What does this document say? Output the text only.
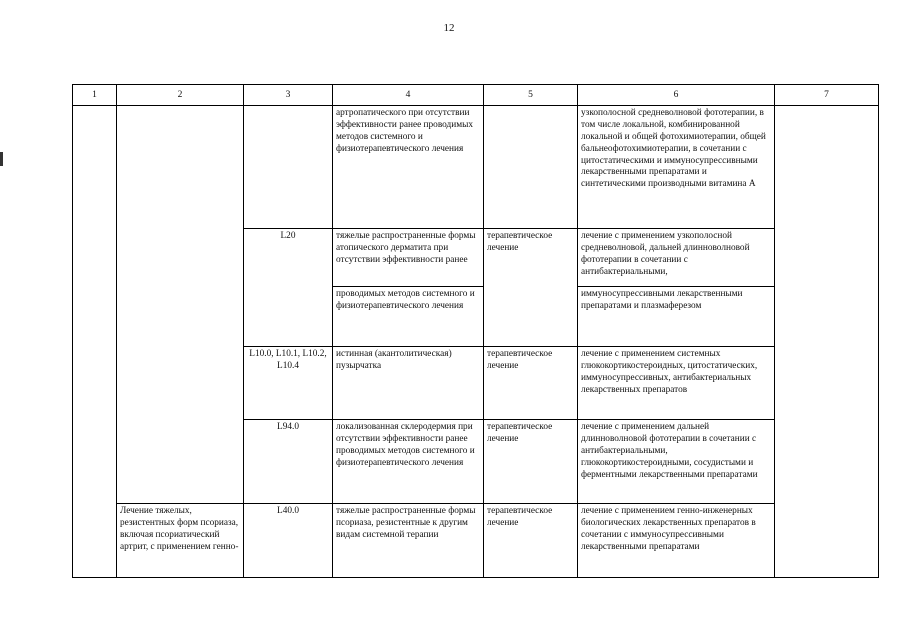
12
1	2	3	4	5	6	7
			артропатического при отсутствии эффективности ранее проводимых методов системного и физиотерапевтического лечения		узкополосной средневолновой фототерапии, в том числе локальной, комбинированной локальной и общей фотохимиотерапии, общей бальнеофотохимиотерапии, в сочетании с цитостатическими и иммуносупрессивными лекарственными препаратами и синтетическими производными витамина А	
		L20	тяжелые распространенные формы атопического дерматита при отсутствии эффективности ранее	терапевтическое лечение	лечение с применением узкополосной средневолновой, дальней длинноволновой фототерапии в сочетании с антибактериальными,	
			проводимых методов системного и физиотерапевтического лечения		иммуносупрессивными лекарственными препаратами и плазмаферезом	
		L10.0, L10.1, L10.2, L10.4	истинная (акантолитическая) пузырчатка	терапевтическое лечение	лечение с применением системных глюкокортикостероидных, цитостатических, иммуносупрессивных, антибактериальных лекарственных препаратов	
		L94.0	локализованная склеродермия при отсутствии эффективности ранее проводимых методов системного и физиотерапевтического лечения	терапевтическое лечение	лечение с применением дальней длинноволновой фототерапии в сочетании с антибактериальными, глюкокортикостероидными, сосудистыми и ферментными лекарственными препаратами	
	Лечение тяжелых, резистентных форм псориаза, включая псориатический артрит, с применением генно-	L40.0	тяжелые распространенные формы псориаза, резистентные к другим видам системной терапии	терапевтическое лечение	лечение с применением генно-инженерных биологических лекарственных препаратов в сочетании с иммуносупрессивными лекарственными препаратами	
